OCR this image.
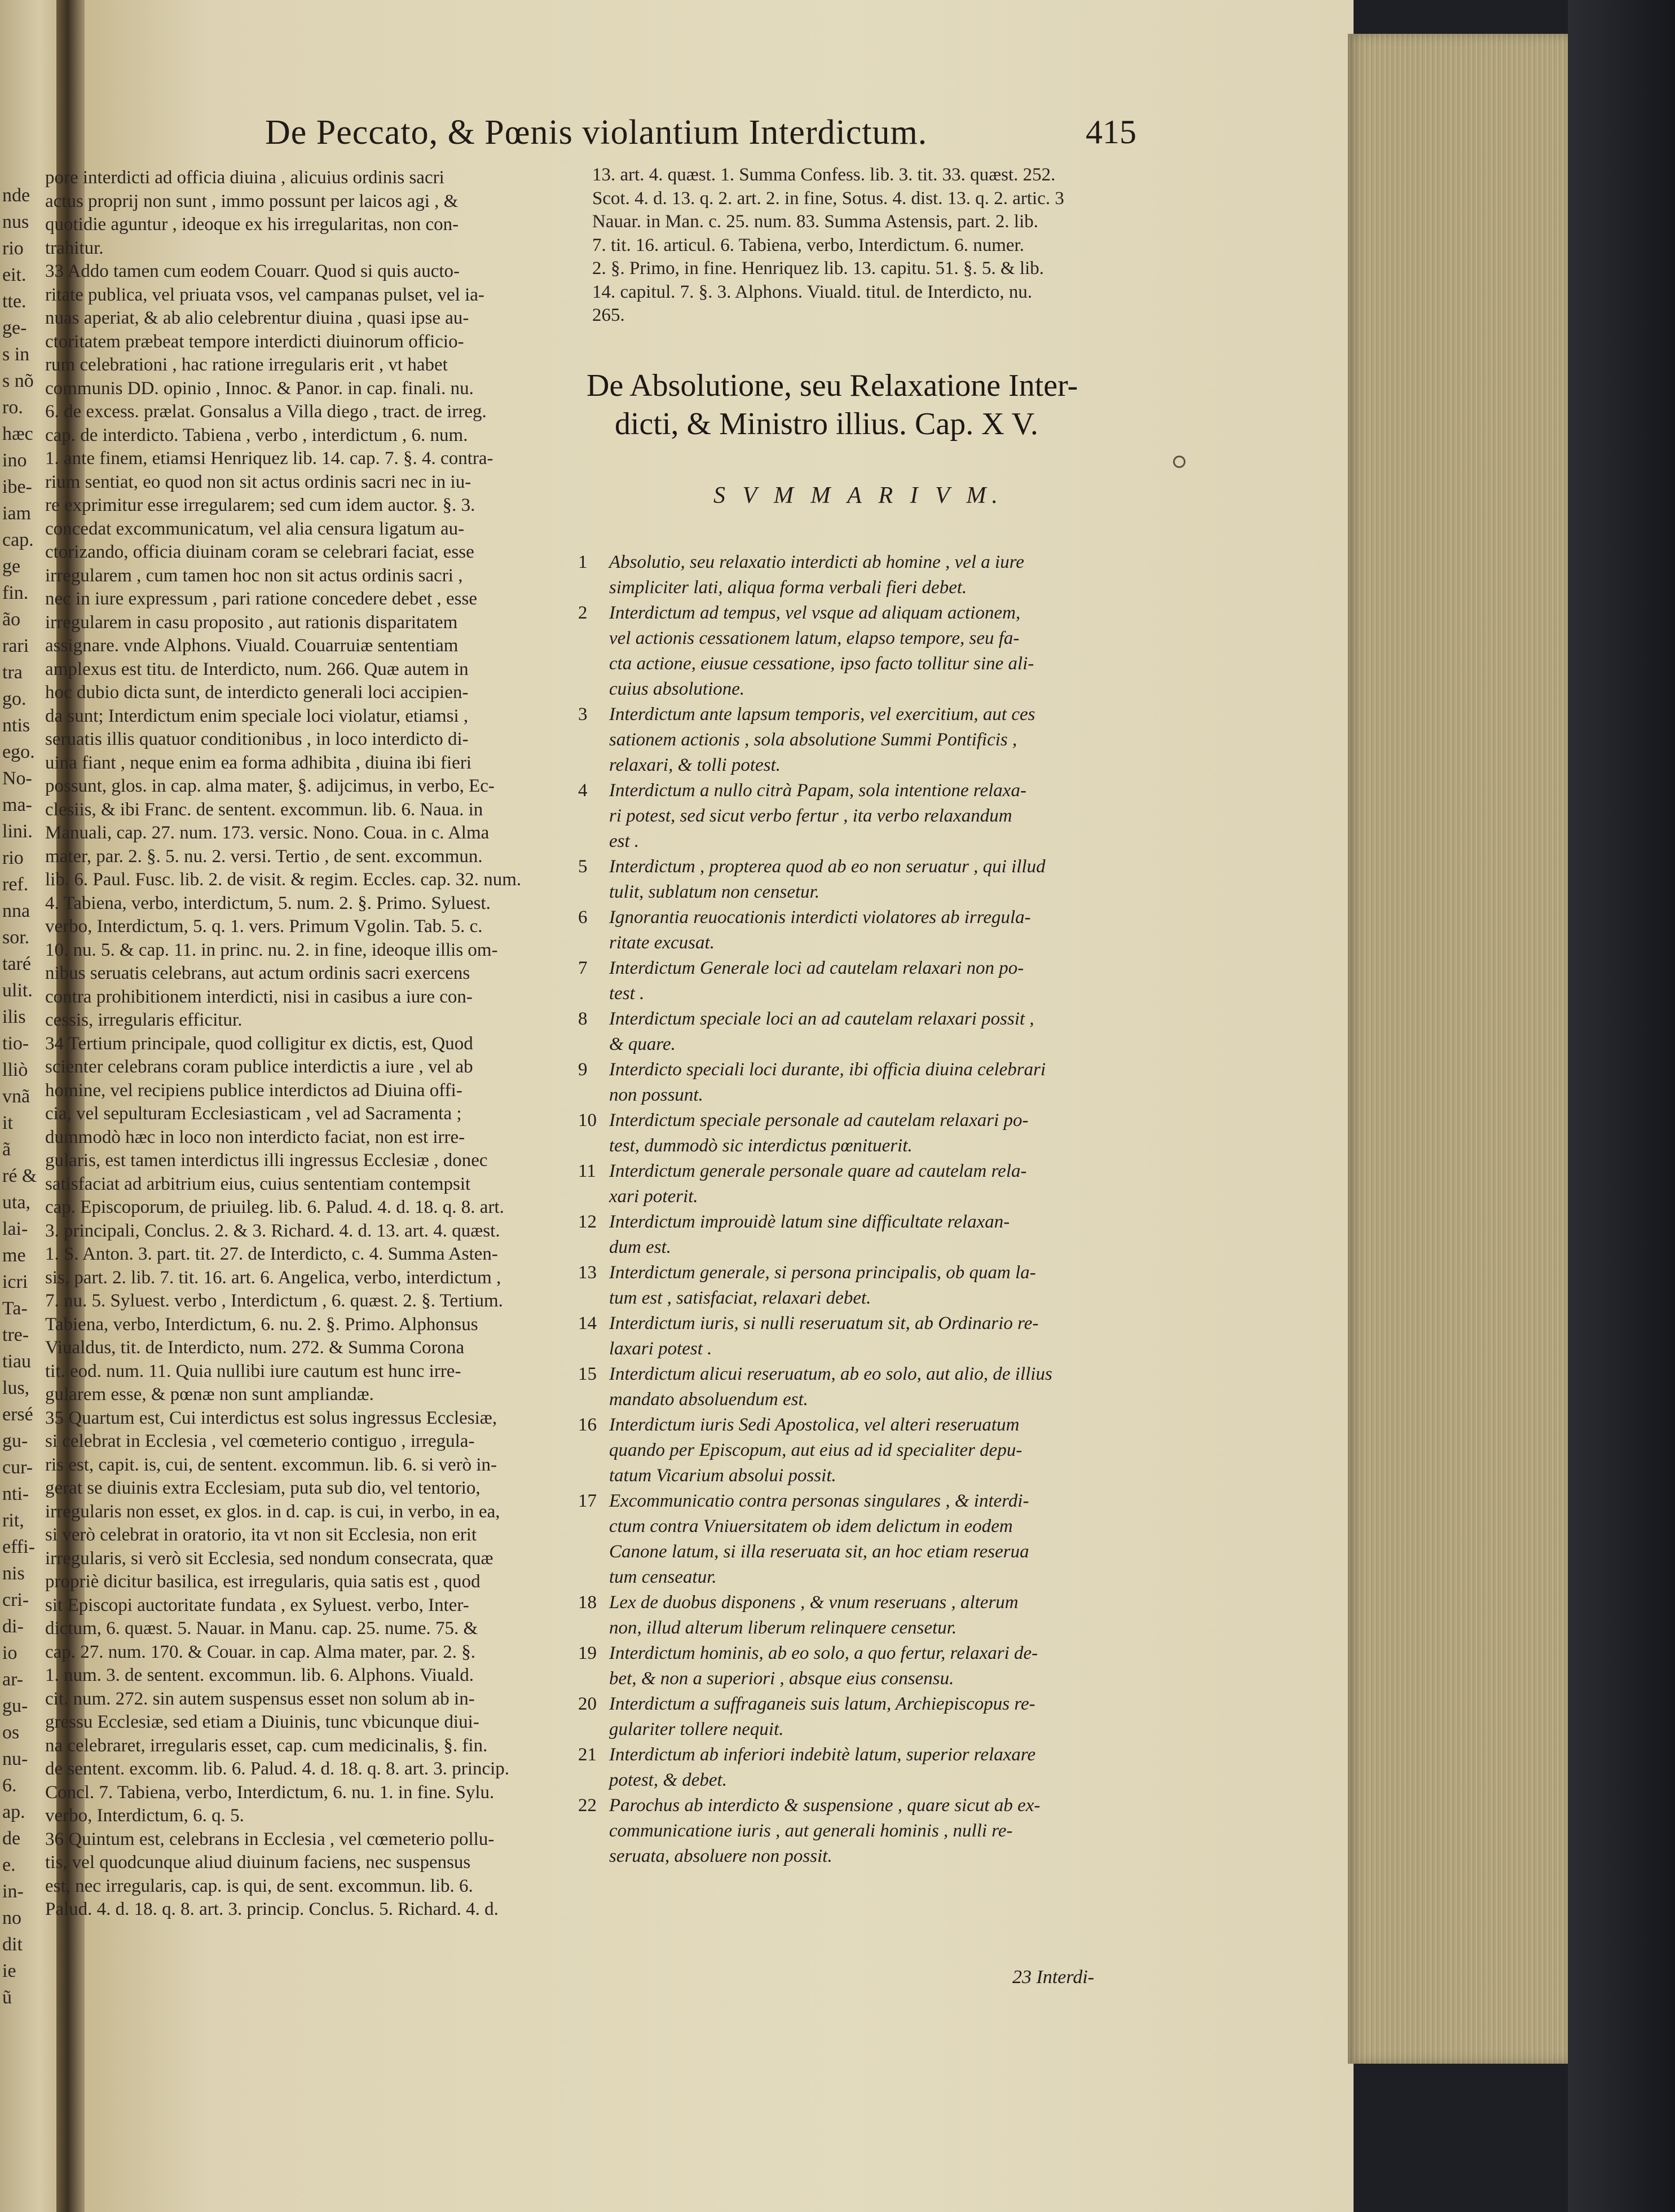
nde
nus
rio
eit.
tte.
ge-
s in
s nõ
ro.
hæc
ino
ibe-
iam
cap.
ge
fin.
ão
rari
tra
go.
ntis
ego.
No-
ma-
lini.
rio
ref.
nna
sor.
taré
ulit.
ilis
tio-
lliò
vnã
it
ã
ré &
uta,
lai-
me
icri
Ta-
tre-
tiau
lus,
ersé
gu-
cur-
nti-
rit,
effi-
nis
cri-
di-
io
ar-
gu-
os
nu-
6.
ap.
de
e.
in-
no
dit
ie
ũ
De Peccato, & Pœnis violantium Interdictum.	415
pore interdicti ad officia diuina , alicuius ordinis sacri
actus proprij non sunt , immo possunt per laicos agi , &
quotidie aguntur , ideoque ex his irregularitas, non con-
trahitur.
33 Addo tamen cum eodem Couarr. Quod si quis aucto-
ritate publica, vel priuata vsos, vel campanas pulset, vel ia-
nuas aperiat, & ab alio celebrentur diuina , quasi ipse au-
ctoritatem præbeat tempore interdicti diuinorum officio-
rum celebrationi , hac ratione irregularis erit , vt habet
communis DD. opinio , Innoc. & Panor. in cap. finali. nu.
6. de excess. prælat. Gonsalus a Villa diego , tract. de irreg.
cap. de interdicto. Tabiena , verbo , interdictum , 6. num.
1. ante finem, etiamsi Henriquez lib. 14. cap. 7. §. 4. contra-
rium sentiat, eo quod non sit actus ordinis sacri nec in iu-
re exprimitur esse irregularem; sed cum idem auctor. §. 3.
concedat excommunicatum, vel alia censura ligatum au-
ctorizando, officia diuinam coram se celebrari faciat, esse
irregularem , cum tamen hoc non sit actus ordinis sacri ,
nec in iure expressum , pari ratione concedere debet , esse
irregularem in casu proposito , aut rationis disparitatem
assignare. vnde Alphons. Viuald. Couarruiæ sententiam
amplexus est titu. de Interdicto, num. 266. Quæ autem in
hoc dubio dicta sunt, de interdicto generali loci accipien-
da sunt; Interdictum enim speciale loci violatur, etiamsi ,
seruatis illis quatuor conditionibus , in loco interdicto di-
uina fiant , neque enim ea forma adhibita , diuina ibi fieri
possunt, glos. in cap. alma mater, §. adijcimus, in verbo, Ec-
clesiis, & ibi Franc. de sentent. excommun. lib. 6. Naua. in
Manuali, cap. 27. num. 173. versic. Nono. Coua. in c. Alma
mater, par. 2. §. 5. nu. 2. versi. Tertio , de sent. excommun.
lib. 6. Paul. Fusc. lib. 2. de visit. & regim. Eccles. cap. 32. num.
4. Tabiena, verbo, interdictum, 5. num. 2. §. Primo. Syluest.
verbo, Interdictum, 5. q. 1. vers. Primum Vgolin. Tab. 5. c.
10. nu. 5. & cap. 11. in princ. nu. 2. in fine, ideoque illis om-
nibus seruatis celebrans, aut actum ordinis sacri exercens
contra prohibitionem interdicti, nisi in casibus a iure con-
cessis, irregularis efficitur.
34 Tertium principale, quod colligitur ex dictis, est, Quod
scienter celebrans coram publice interdictis a iure , vel ab
homine, vel recipiens publice interdictos ad Diuina offi-
cia, vel sepulturam Ecclesiasticam , vel ad Sacramenta ;
dummodò hæc in loco non interdicto faciat, non est irre-
gularis, est tamen interdictus illi ingressus Ecclesiæ , donec
satisfaciat ad arbitrium eius, cuius sententiam contempsit
cap. Episcoporum, de priuileg. lib. 6. Palud. 4. d. 18. q. 8. art.
3. principali, Conclus. 2. & 3. Richard. 4. d. 13. art. 4. quæst.
1. S. Anton. 3. part. tit. 27. de Interdicto, c. 4. Summa Asten-
sis, part. 2. lib. 7. tit. 16. art. 6. Angelica, verbo, interdictum ,
7. nu. 5. Syluest. verbo , Interdictum , 6. quæst. 2. §. Tertium.
Tabiena, verbo, Interdictum, 6. nu. 2. §. Primo. Alphonsus
Viualdus, tit. de Interdicto, num. 272. & Summa Corona
tit. eod. num. 11. Quia nullibi iure cautum est hunc irre-
gularem esse, & pœnæ non sunt ampliandæ.
35 Quartum est, Cui interdictus est solus ingressus Ecclesiæ,
si celebrat in Ecclesia , vel cœmeterio contiguo , irregula-
ris est, capit. is, cui, de sentent. excommun. lib. 6. si verò in-
gerat se diuinis extra Ecclesiam, puta sub dio, vel tentorio,
irregularis non esset, ex glos. in d. cap. is cui, in verbo, in ea,
si verò celebrat in oratorio, ita vt non sit Ecclesia, non erit
irregularis, si verò sit Ecclesia, sed nondum consecrata, quæ
propriè dicitur basilica, est irregularis, quia satis est , quod
sit Episcopi auctoritate fundata , ex Syluest. verbo, Inter-
dictum, 6. quæst. 5. Nauar. in Manu. cap. 25. nume. 75. &
cap. 27. num. 170. & Couar. in cap. Alma mater, par. 2. §.
1. num. 3. de sentent. excommun. lib. 6. Alphons. Viuald.
cit. num. 272. sin autem suspensus esset non solum ab in-
gressu Ecclesiæ, sed etiam a Diuinis, tunc vbicunque diui-
na celebraret, irregularis esset, cap. cum medicinalis, §. fin.
de sentent. excomm. lib. 6. Palud. 4. d. 18. q. 8. art. 3. princip.
Concl. 7. Tabiena, verbo, Interdictum, 6. nu. 1. in fine. Sylu.
verbo, Interdictum, 6. q. 5.
36 Quintum est, celebrans in Ecclesia , vel cœmeterio pollu-
tis, vel quodcunque aliud diuinum faciens, nec suspensus
est, nec irregularis, cap. is qui, de sent. excommun. lib. 6.
Palud. 4. d. 18. q. 8. art. 3. princip. Conclus. 5. Richard. 4. d.
13. art. 4. quæst. 1. Summa Confess. lib. 3. tit. 33. quæst. 252.
Scot. 4. d. 13. q. 2. art. 2. in fine, Sotus. 4. dist. 13. q. 2. artic. 3
Nauar. in Man. c. 25. num. 83. Summa Astensis, part. 2. lib.
7. tit. 16. articul. 6. Tabiena, verbo, Interdictum. 6. numer.
2. §. Primo, in fine. Henriquez lib. 13. capitu. 51. §. 5. & lib.
14. capitul. 7. §. 3. Alphons. Viuald. titul. de Interdicto, nu.
265.
De Absolutione, seu Relaxatione Inter-
dicti, & Ministro illius. Cap. X V.
S V M M A R I V M.
1	Absolutio, seu relaxatio interdicti ab homine , vel a iure
simpliciter lati, aliqua forma verbali fieri debet.
2	Interdictum ad tempus, vel vsque ad aliquam actionem,
vel actionis cessationem latum, elapso tempore, seu fa-
cta actione, eiusue cessatione, ipso facto tollitur sine ali-
cuius absolutione.
3	Interdictum ante lapsum temporis, vel exercitium, aut ces
sationem actionis , sola absolutione Summi Pontificis ,
relaxari, & tolli potest.
4	Interdictum a nullo citrà Papam, sola intentione relaxa-
ri potest, sed sicut verbo fertur , ita verbo relaxandum
est .
5	Interdictum , propterea quod ab eo non seruatur , qui illud
tulit, sublatum non censetur.
6	Ignorantia reuocationis interdicti violatores ab irregula-
ritate excusat.
7	Interdictum Generale loci ad cautelam relaxari non po-
test .
8	Interdictum speciale loci an ad cautelam relaxari possit ,
& quare.
9	Interdicto speciali loci durante, ibi officia diuina celebrari
non possunt.
10 Interdictum speciale personale ad cautelam relaxari po-
test, dummodò sic interdictus pœnituerit.
11 Interdictum generale personale quare ad cautelam rela-
xari poterit.
12 Interdictum improuidè latum sine difficultate relaxan-
dum est.
13 Interdictum generale, si persona principalis, ob quam la-
tum est , satisfaciat, relaxari debet.
14 Interdictum iuris, si nulli reseruatum sit, ab Ordinario re-
laxari potest .
15 Interdictum alicui reseruatum, ab eo solo, aut alio, de illius
mandato absoluendum est.
16 Interdictum iuris Sedi Apostolica, vel alteri reseruatum
quando per Episcopum, aut eius ad id specialiter depu-
tatum Vicarium absolui possit.
17 Excommunicatio contra personas singulares , & interdi-
ctum contra Vniuersitatem ob idem delictum in eodem
Canone latum, si illa reseruata sit, an hoc etiam reserua
tum censeatur.
18 Lex de duobus disponens , & vnum reseruans , alterum
non, illud alterum liberum relinquere censetur.
19 Interdictum hominis, ab eo solo, a quo fertur, relaxari de-
bet, & non a superiori , absque eius consensu.
20 Interdictum a suffraganeis suis latum, Archiepiscopus re-
gulariter tollere nequit.
21 Interdictum ab inferiori indebitè latum, superior relaxare
potest, & debet.
22 Parochus ab interdicto & suspensione , quare sicut ab ex-
communicatione iuris , aut generali hominis , nulli re-
seruata, absoluere non possit.
23 Interdi-
